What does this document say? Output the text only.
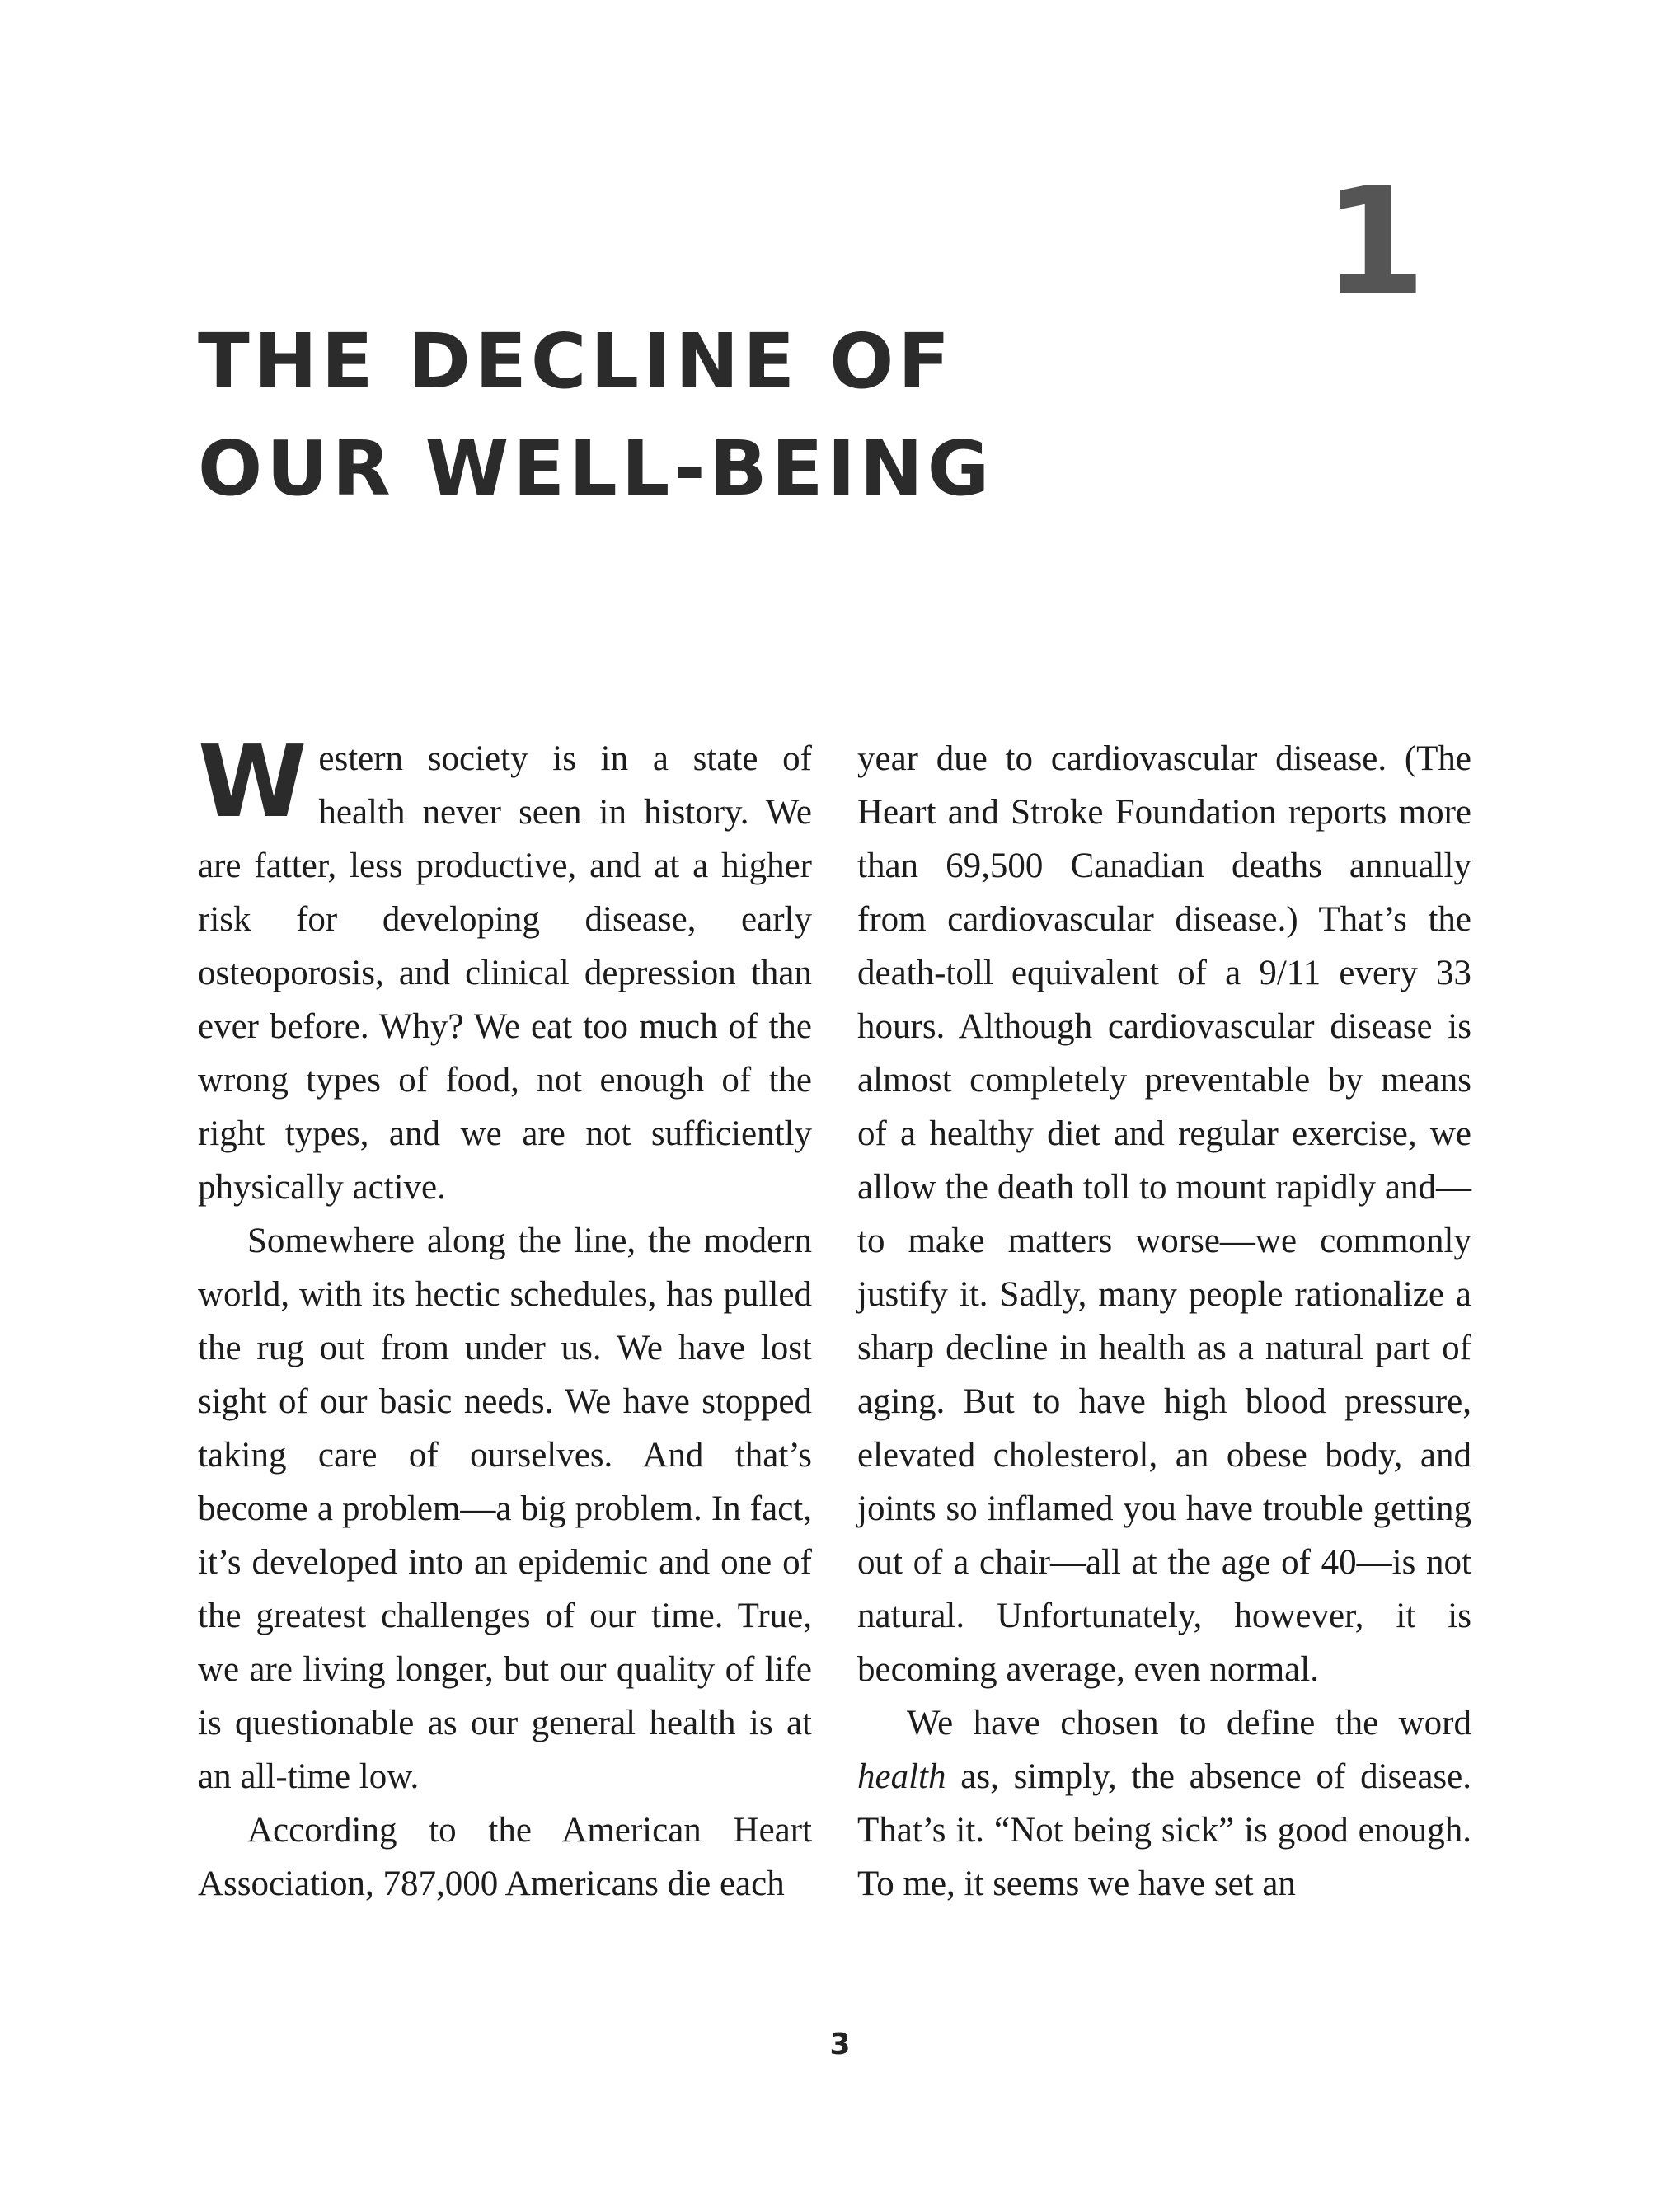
1
THE DECLINE OF
OUR WELL-BEING

Western society is in a state of health never seen in history. We are fatter, less productive, and at a higher risk for developing disease, early osteoporosis, and clinical depression than ever before. Why? We eat too much of the wrong types of food, not enough of the right types, and we are not sufficiently physically active.

Somewhere along the line, the modern world, with its hectic schedules, has pulled the rug out from under us. We have lost sight of our basic needs. We have stopped taking care of ourselves. And that’s become a problem—a big problem. In fact, it’s developed into an epidemic and one of the greatest challenges of our time. True, we are living longer, but our quality of life is questionable as our general health is at an all-time low.

According to the American Heart Association, 787,000 Americans die each

year due to cardiovascular disease. (The Heart and Stroke Foundation reports more than 69,500 Canadian deaths annually from cardiovascular disease.) That’s the death-toll equivalent of a 9/11 every 33 hours. Although cardiovascular disease is almost completely preventable by means of a healthy diet and regular exercise, we allow the death toll to mount rapidly and—to make matters worse—we commonly justify it. Sadly, many people rationalize a sharp decline in health as a natural part of aging. But to have high blood pressure, elevated cholesterol, an obese body, and joints so inflamed you have trouble getting out of a chair—all at the age of 40—is not natural. Unfortunately, however, it is becoming average, even normal.

We have chosen to define the word health as, simply, the absence of disease. That’s it. “Not being sick” is good enough. To me, it seems we have set an

3
